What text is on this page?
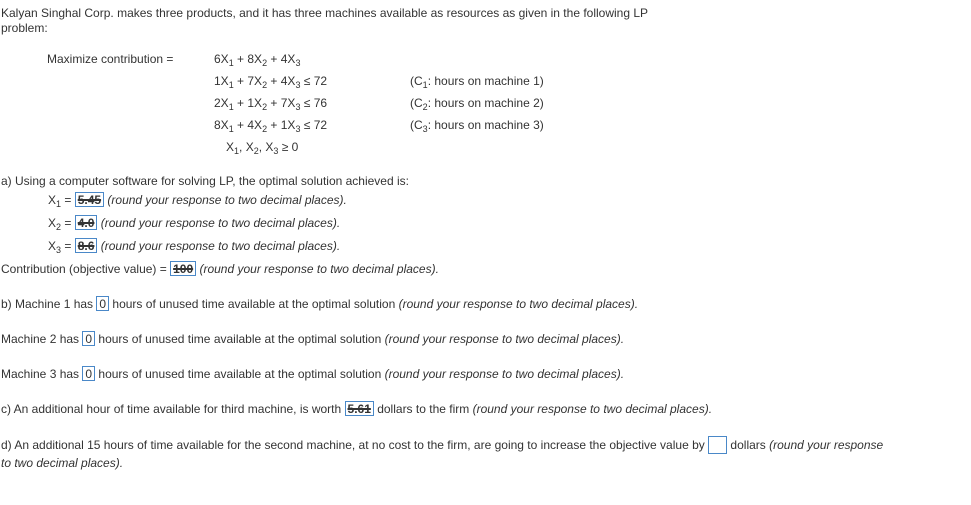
Kalyan Singhal Corp. makes three products, and it has three machines available as resources as given in the following LP
problem:
Maximize contribution =	$6X_1 + 8X_2 + 4X_3$
$1X_1 + 7X_2 + 4X_3 \le 72$	($C_1$: hours on machine 1)
$2X_1 + 1X_2 + 7X_3 \le 76$	($C_2$: hours on machine 2)
$8X_1 + 4X_2 + 1X_3 \le 72$	($C_3$: hours on machine 3)
$X_1$, $X_2$, $X_3 \ge 0$
a) Using a computer software for solving LP, the optimal solution achieved is:
$X_1 = 5.45$ (round your response to two decimal places).
$X_2 = 4.0$ (round your response to two decimal places).
$X_3 = 8.6$ (round your response to two decimal places).
Contribution (objective value) = 100 (round your response to two decimal places).
b) Machine 1 has 0 hours of unused time available at the optimal solution (round your response to two decimal places).
Machine 2 has 0 hours of unused time available at the optimal solution (round your response to two decimal places).
Machine 3 has 0 hours of unused time available at the optimal solution (round your response to two decimal places).
c) An additional hour of time available for third machine, is worth 5.61 dollars to the firm (round your response to two decimal places).
d) An additional 15 hours of time available for the second machine, at no cost to the firm, are going to increase the objective value by  dollars (round your response
to two decimal places).
